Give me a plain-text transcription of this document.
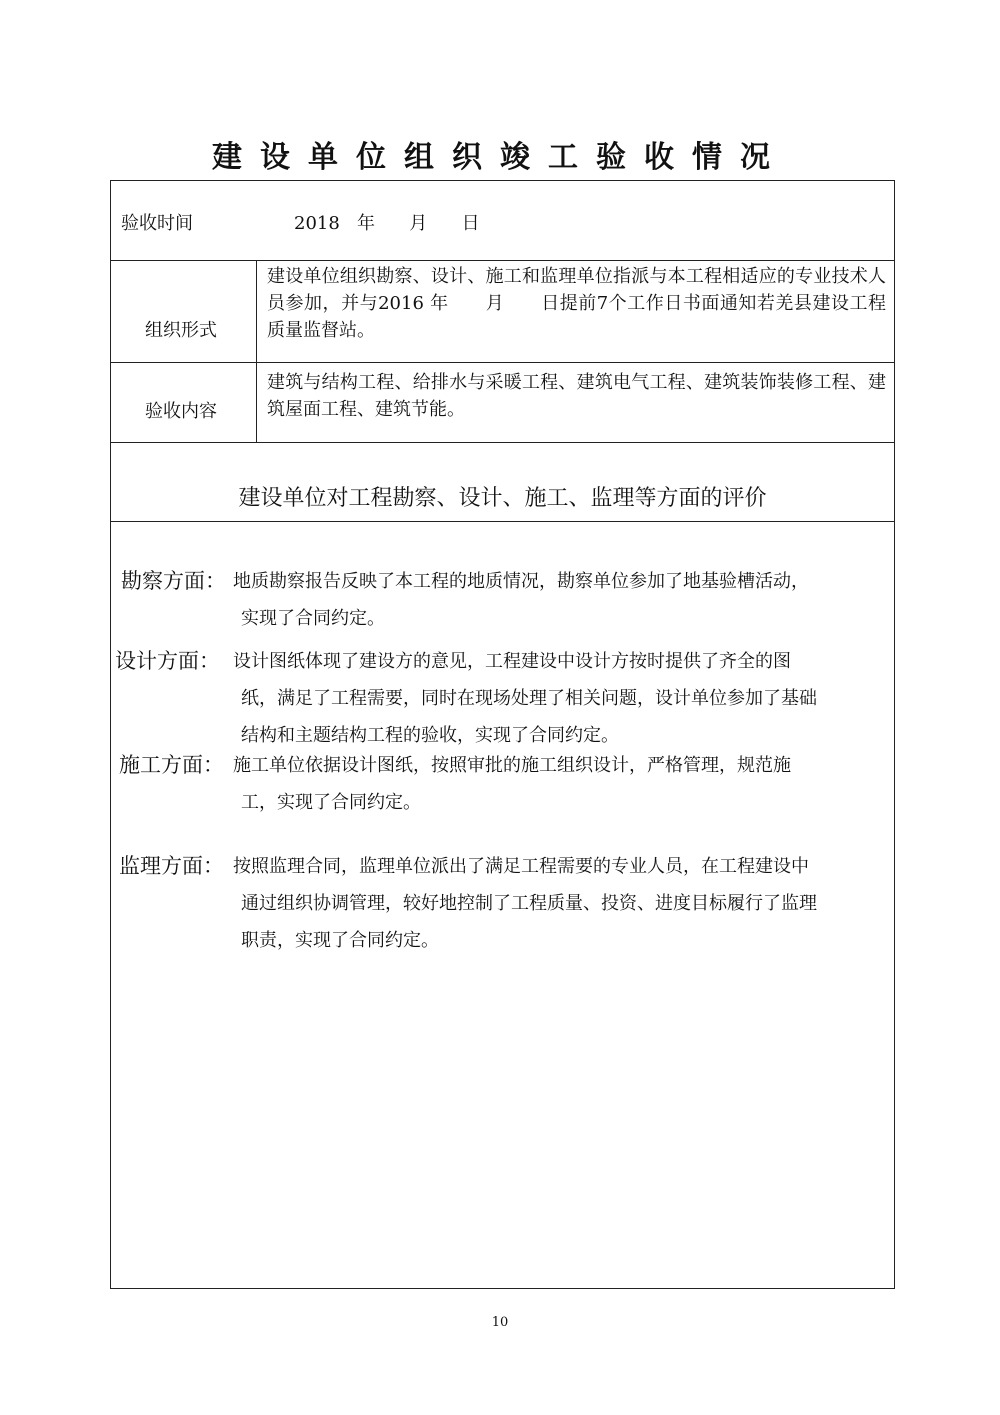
建设单位组织竣工验收情况
验收时间	2018   年      月      日
组织形式
建设单位组织勘察、设计、施工和监理单位指派与本工程相适应的专业技术人员参加，并与2016 年　　月　　日提前7个工作日书面通知若羌县建设工程质量监督站。
验收内容
建筑与结构工程、给排水与采暖工程、建筑电气工程、建筑装饰装修工程、建筑屋面工程、建筑节能。
建设单位对工程勘察、设计、施工、监理等方面的评价
勘察方面： 地质勘察报告反映了本工程的地质情况，勘察单位参加了地基验槽活动，
实现了合同约定。
设计方面： 设计图纸体现了建设方的意见，工程建设中设计方按时提供了齐全的图
纸，满足了工程需要，同时在现场处理了相关问题，设计单位参加了基础
结构和主题结构工程的验收，实现了合同约定。
施工方面： 施工单位依据设计图纸，按照审批的施工组织设计，严格管理，规范施
工，实现了合同约定。
监理方面： 按照监理合同，监理单位派出了满足工程需要的专业人员，在工程建设中
通过组织协调管理，较好地控制了工程质量、投资、进度目标履行了监理
职责，实现了合同约定。
10
